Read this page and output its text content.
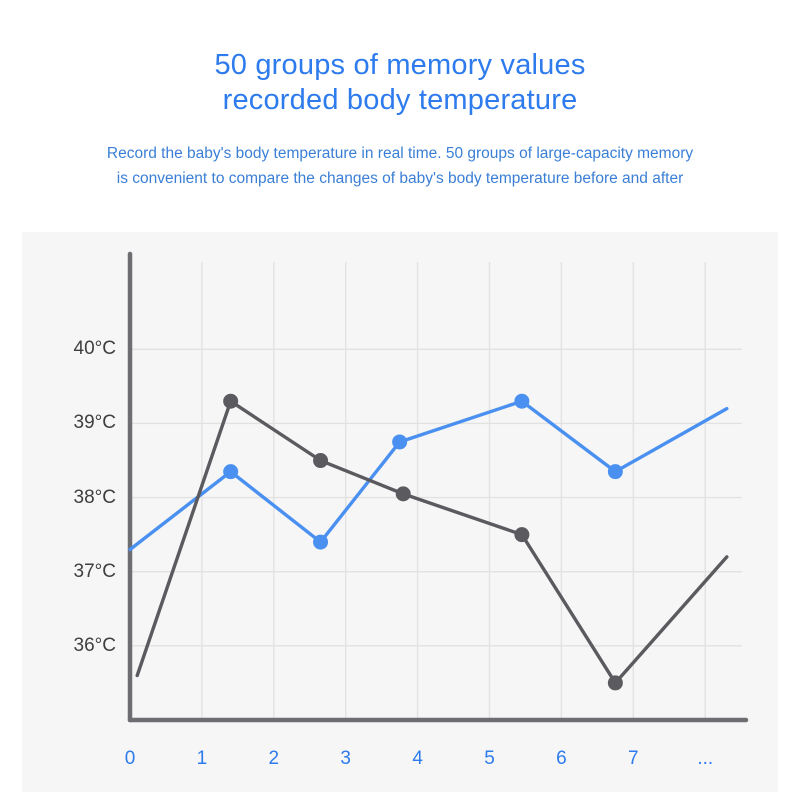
50 groups of memory values
recorded body temperature
Record the baby's body temperature in real time. 50 groups of large-capacity memory
is convenient to compare the changes of baby's body temperature before and after
36°C
37°C
38°C
39°C
40°C
0	1	2	3	4	5	6	7	...
